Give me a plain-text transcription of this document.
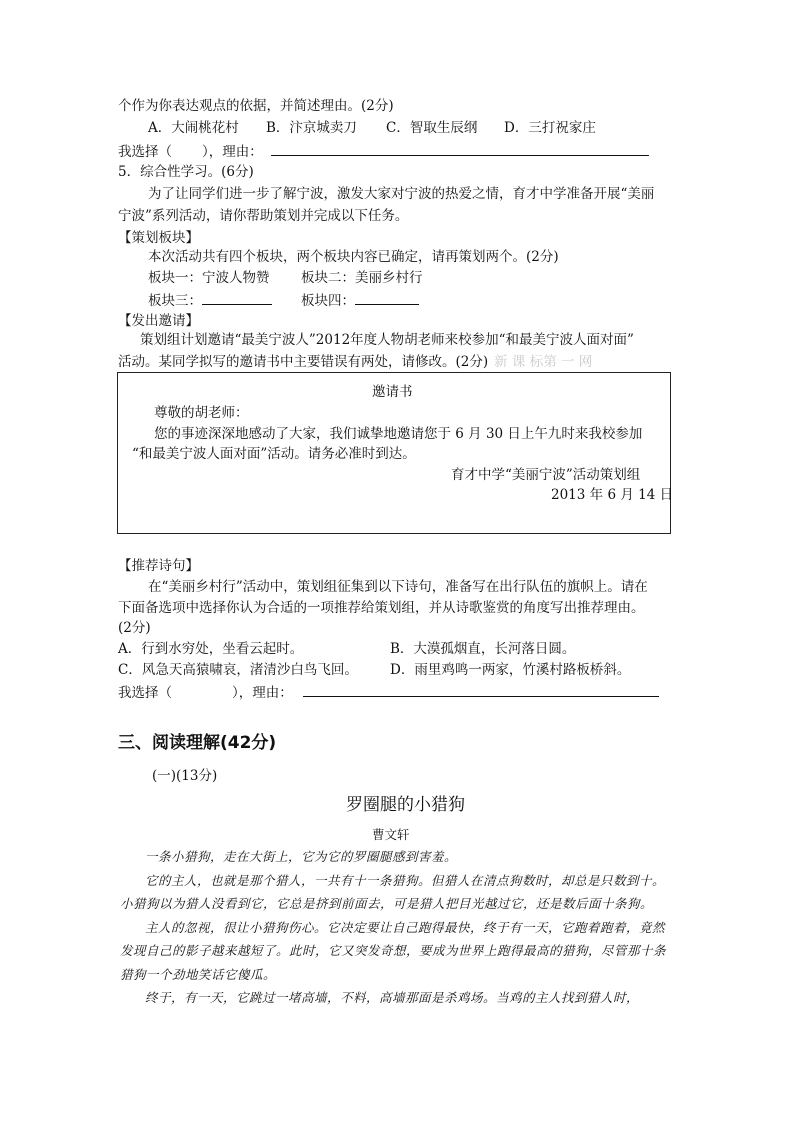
个作为你表达观点的依据，并简述理由。(2分)
A．大闹桃花村 B．汴京城卖刀 C．智取生辰纲 D．三打祝家庄
我选择（ ），理由：
5．综合性学习。(6分)
为了让同学们进一步了解宁波，激发大家对宁波的热爱之情，育才中学准备开展“美丽
宁波”系列活动，请你帮助策划并完成以下任务。
【策划板块】
本次活动共有四个板块，两个板块内容已确定，请再策划两个。(2分)
板块一：宁波人物赞 板块二：美丽乡村行
板块三：	板块四：
【发出邀请】
策划组计划邀请“最美宁波人”2012年度人物胡老师来校参加“和最美宁波人面对面”
活动。某同学拟写的邀请书中主要错误有两处，请修改。(2分) 新 课 标第 一 网
邀请书
尊敬的胡老师：
您的事迹深深地感动了大家，我们诚挚地邀请您于 6 月 30 日上午九时来我校参加
“和最美宁波人面对面”活动。请务必准时到达。
育才中学“美丽宁波”活动策划组
2013 年 6 月 14 日
【推荐诗句】
在“美丽乡村行”活动中，策划组征集到以下诗句，准备写在出行队伍的旗帜上。请在
下面备选项中选择你认为合适的一项推荐给策划组，并从诗歌鉴赏的角度写出推荐理由。
(2分)
A．行到水穷处，坐看云起时。	B．大漠孤烟直，长河落日圆。
C．风急天高猿啸哀，渚清沙白鸟飞回。 D．雨里鸡鸣一两家，竹溪村路板桥斜。
我选择（	），理由：
三、阅读理解(42分)
(一)(13分)
罗圈腿的小猎狗
曹文轩

一条小猎狗，走在大街上，它为它的罗圈腿感到害羞。

它的主人，也就是那个猎人，一共有十一条猎狗。但猎人在清点狗数时，却总是只数到十。小猎狗以为猎人没看到它，它总是挤到前面去，可是猎人把目光越过它，还是数后面十条狗。

主人的忽视，很让小猎狗伤心。它决定要让自己跑得最快，终于有一天，它跑着跑着，竟然发现自己的影子越来越短了。此时，它又突发奇想，要成为世界上跑得最高的猎狗，尽管那十条猎狗一个劲地笑话它傻瓜。

终于，有一天，它跳过一堵高墙，不料，高墙那面是杀鸡场。当鸡的主人找到猎人时，
